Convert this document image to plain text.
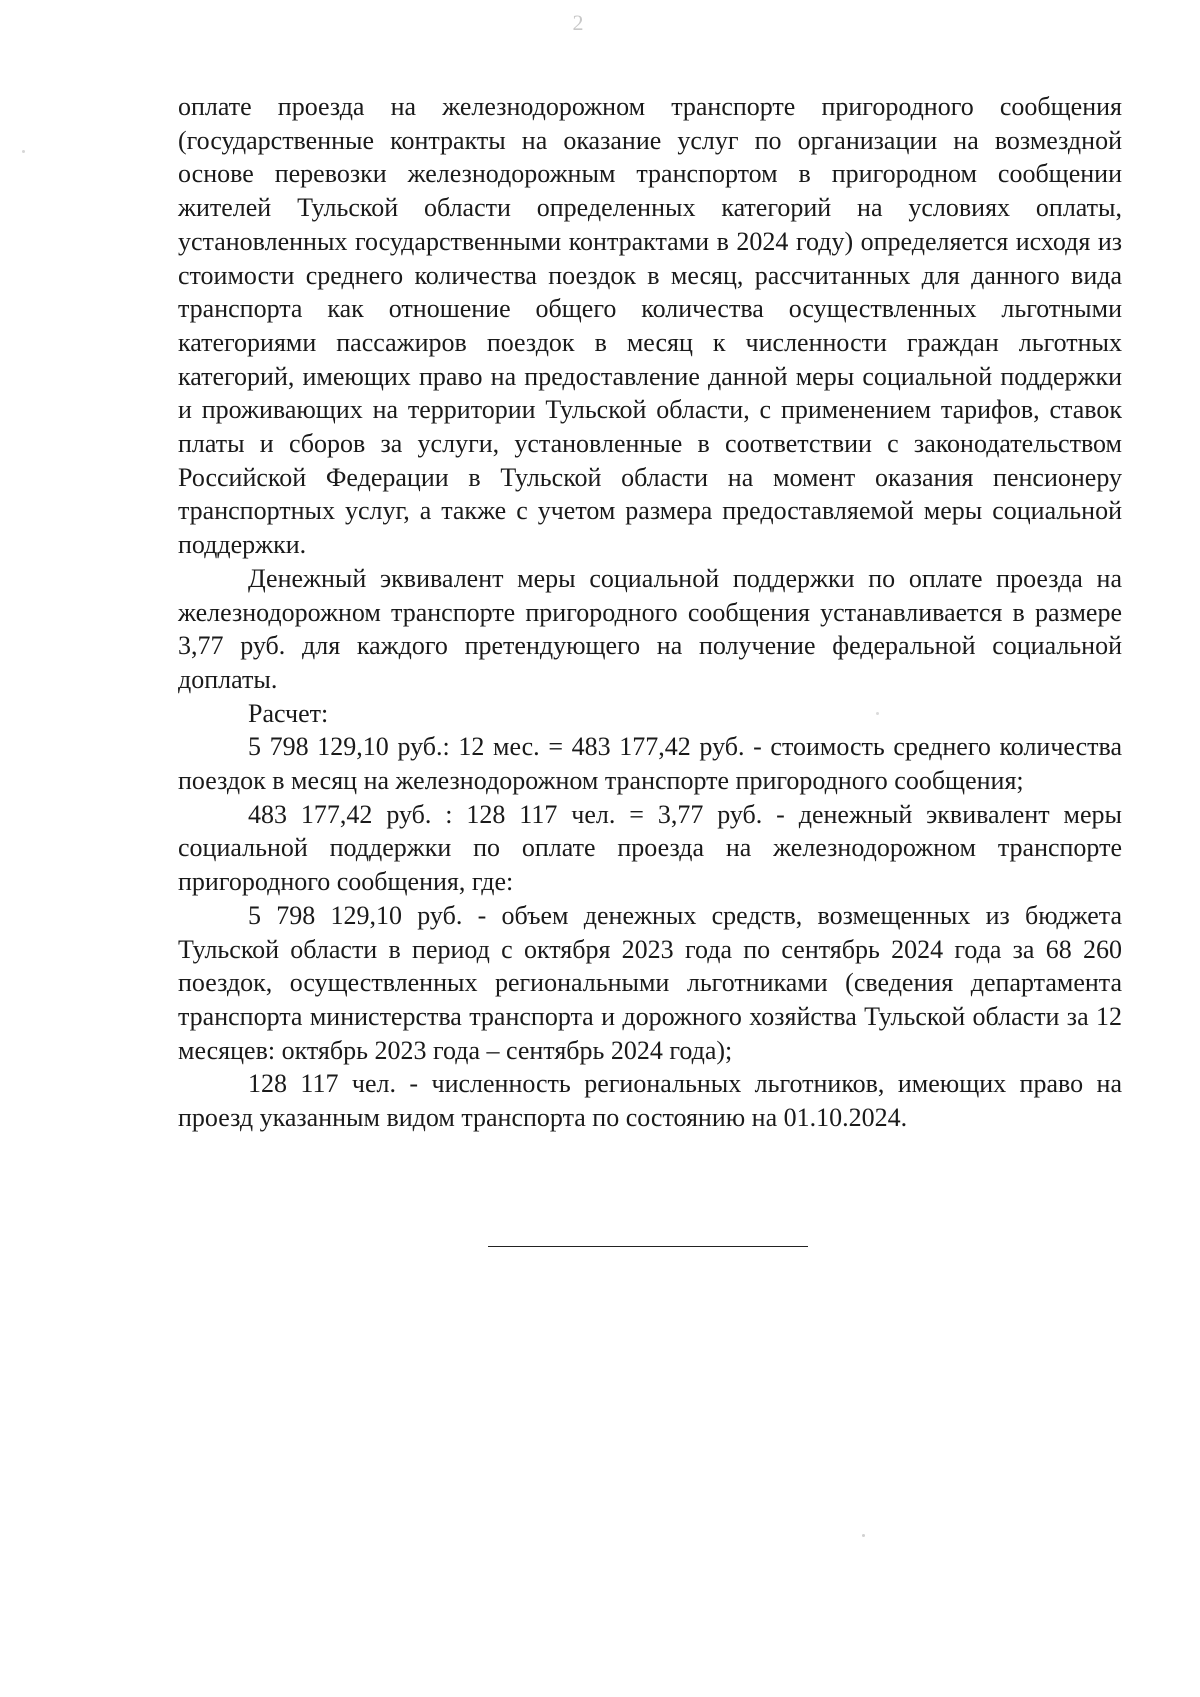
2

оплате проезда на железнодорожном транспорте пригородного сообщения (государственные контракты на оказание услуг по организации на возмездной основе перевозки железнодорожным транспортом в пригородном сообщении жителей Тульской области определенных категорий на условиях оплаты, установленных государственными контрактами в 2024 году) определяется исходя из стоимости среднего количества поездок в месяц, рассчитанных для данного вида транспорта как отношение общего количества осуществленных льготными категориями пассажиров поездок в месяц к численности граждан льготных категорий, имеющих право на предоставление данной меры социальной поддержки и проживающих на территории Тульской области, с применением тарифов, ставок платы и сборов за услуги, установленные в соответствии с законодательством Российской Федерации в Тульской области на момент оказания пенсионеру транспортных услуг, а также с учетом размера предоставляемой меры социальной поддержки.

Денежный эквивалент меры социальной поддержки по оплате проезда на железнодорожном транспорте пригородного сообщения устанавливается в размере 3,77 руб. для каждого претендующего на получение федеральной социальной доплаты.

Расчет:

5 798 129,10 руб.: 12 мес. = 483 177,42 руб. - стоимость среднего количества поездок в месяц на железнодорожном транспорте пригородного сообщения;

483 177,42 руб. : 128 117 чел. = 3,77 руб. - денежный эквивалент меры социальной поддержки по оплате проезда на железнодорожном транспорте пригородного сообщения, где:

5 798 129,10 руб. - объем денежных средств, возмещенных из бюджета Тульской области в период с октября 2023 года по сентябрь 2024 года за 68 260 поездок, осуществленных региональными льготниками (сведения департамента транспорта министерства транспорта и дорожного хозяйства Тульской области за 12 месяцев: октябрь 2023 года – сентябрь 2024 года);

128 117 чел. - численность региональных льготников, имеющих право на проезд указанным видом транспорта по состоянию на 01.10.2024.
